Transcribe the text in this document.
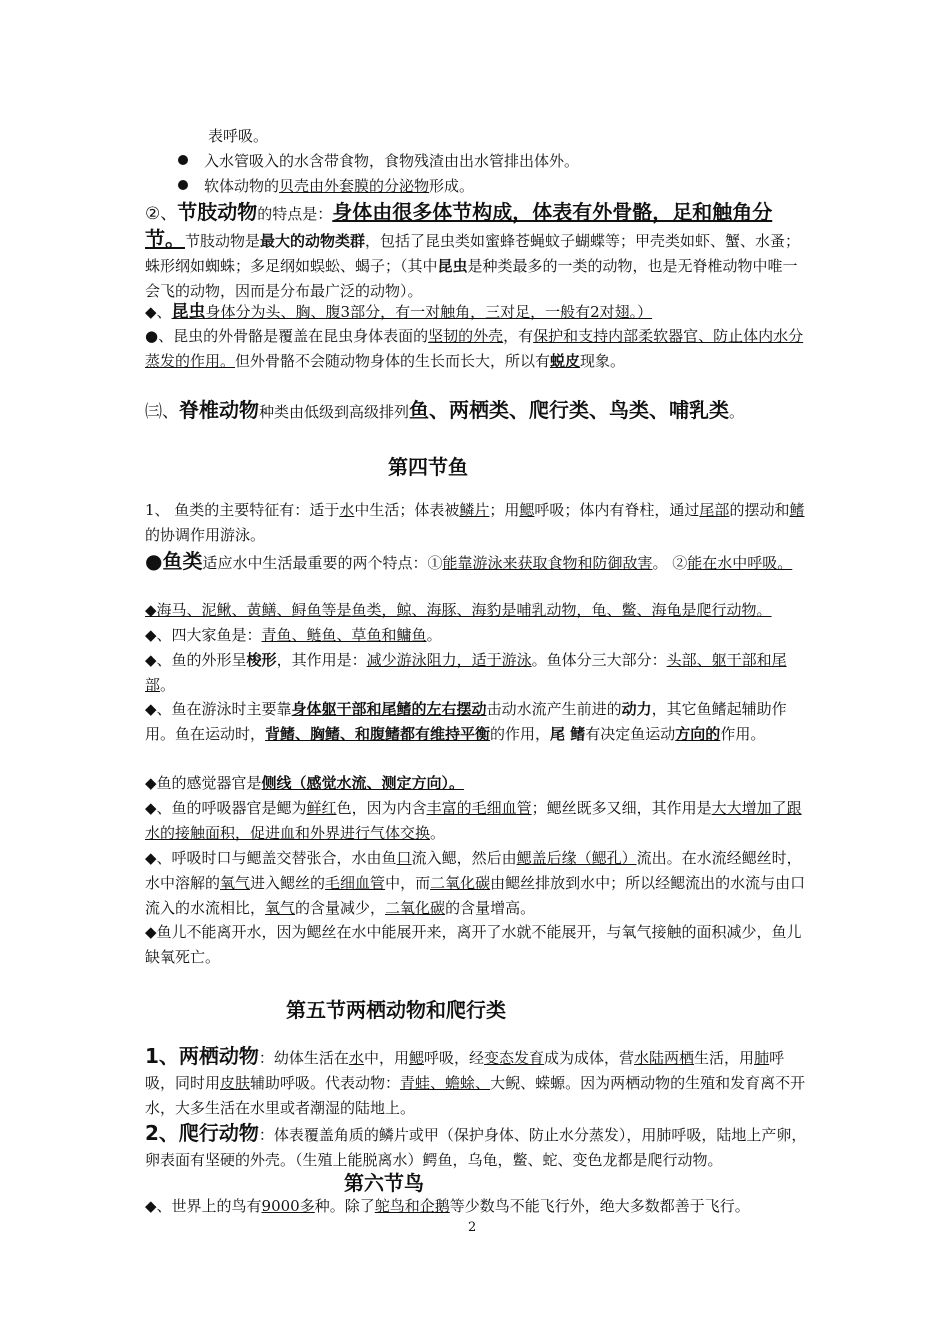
表呼吸。

入水管吸入的水含带食物，食物残渣由出水管排出体外。

软体动物的贝壳由外套膜的分泌物形成。

②、节肢动物的特点是：身体由很多体节构成，体表有外骨骼，足和触角分节。节肢动物是最大的动物类群，包括了昆虫类如蜜蜂苍蝇蚊子蝴蝶等；甲壳类如虾、蟹、水蚤；蛛形纲如蜘蛛；多足纲如蜈蚣、蝎子；（其中昆虫是种类最多的一类的动物，也是无脊椎动物中唯一会飞的动物，因而是分布最广泛的动物）。

◆、昆虫身体分为头、胸、腹3部分，有一对触角，三对足，一般有2对翅。）

●、昆虫的外骨骼是覆盖在昆虫身体表面的坚韧的外壳，有保护和支持内部柔软器官、防止体内水分蒸发的作用。但外骨骼不会随动物身体的生长而长大，所以有蜕皮现象。

㈢、脊椎动物种类由低级到高级排列鱼、两栖类、爬行类、鸟类、哺乳类。

第四节鱼

1、 鱼类的主要特征有：适于水中生活；体表被鳞片；用鳃呼吸；体内有脊柱，通过尾部的摆动和鳍的协调作用游泳。

●鱼类适应水中生活最重要的两个特点：①能靠游泳来获取食物和防御敌害。 ②能在水中呼吸。

◆海马、泥鳅、黄鳝、鲟鱼等是鱼类，鲸、海豚、海豹是哺乳动物，龟、鳖、海龟是爬行动物。

◆、四大家鱼是：青鱼、鲢鱼、草鱼和鳙鱼。

◆、鱼的外形呈梭形，其作用是：减少游泳阻力，适于游泳。鱼体分三大部分：头部、躯干部和尾部。

◆、鱼在游泳时主要靠身体躯干部和尾鳍的左右摆动击动水流产生前进的动力，其它鱼鳍起辅助作用。鱼在运动时，背鳍、胸鳍、和腹鳍都有维持平衡的作用，尾 鳍有决定鱼运动方向的作用。

◆鱼的感觉器官是侧线（感觉水流、测定方向）。

◆、鱼的呼吸器官是鳃为鲜红色，因为内含丰富的毛细血管；鳃丝既多又细，其作用是大大增加了跟水的接触面积，促进血和外界进行气体交换。

◆、呼吸时口与鳃盖交替张合，水由鱼口流入鳃，然后由鳃盖后缘（鳃孔）流出。在水流经鳃丝时，水中溶解的氧气进入鳃丝的毛细血管中，而二氧化碳由鳃丝排放到水中；所以经鳃流出的水流与由口流入的水流相比，氧气的含量减少，二氧化碳的含量增高。

◆鱼儿不能离开水，因为鳃丝在水中能展开来，离开了水就不能展开，与氧气接触的面积减少，鱼儿缺氧死亡。

第五节两栖动物和爬行类

1、两栖动物：幼体生活在水中，用鳃呼吸，经变态发育成为成体，营水陆两栖生活，用肺呼吸，同时用皮肤辅助呼吸。代表动物：青蛙、蟾蜍、大鲵、蝾螈。因为两栖动物的生殖和发育离不开水，大多生活在水里或者潮湿的陆地上。

2、爬行动物：体表覆盖角质的鳞片或甲（保护身体、防止水分蒸发），用肺呼吸，陆地上产卵，卵表面有坚硬的外壳。（生殖上能脱离水）鳄鱼，乌龟，鳖、蛇、变色龙都是爬行动物。

第六节鸟

◆、世界上的鸟有9000多种。除了鸵鸟和企鹅等少数鸟不能飞行外，绝大多数都善于飞行。

2
